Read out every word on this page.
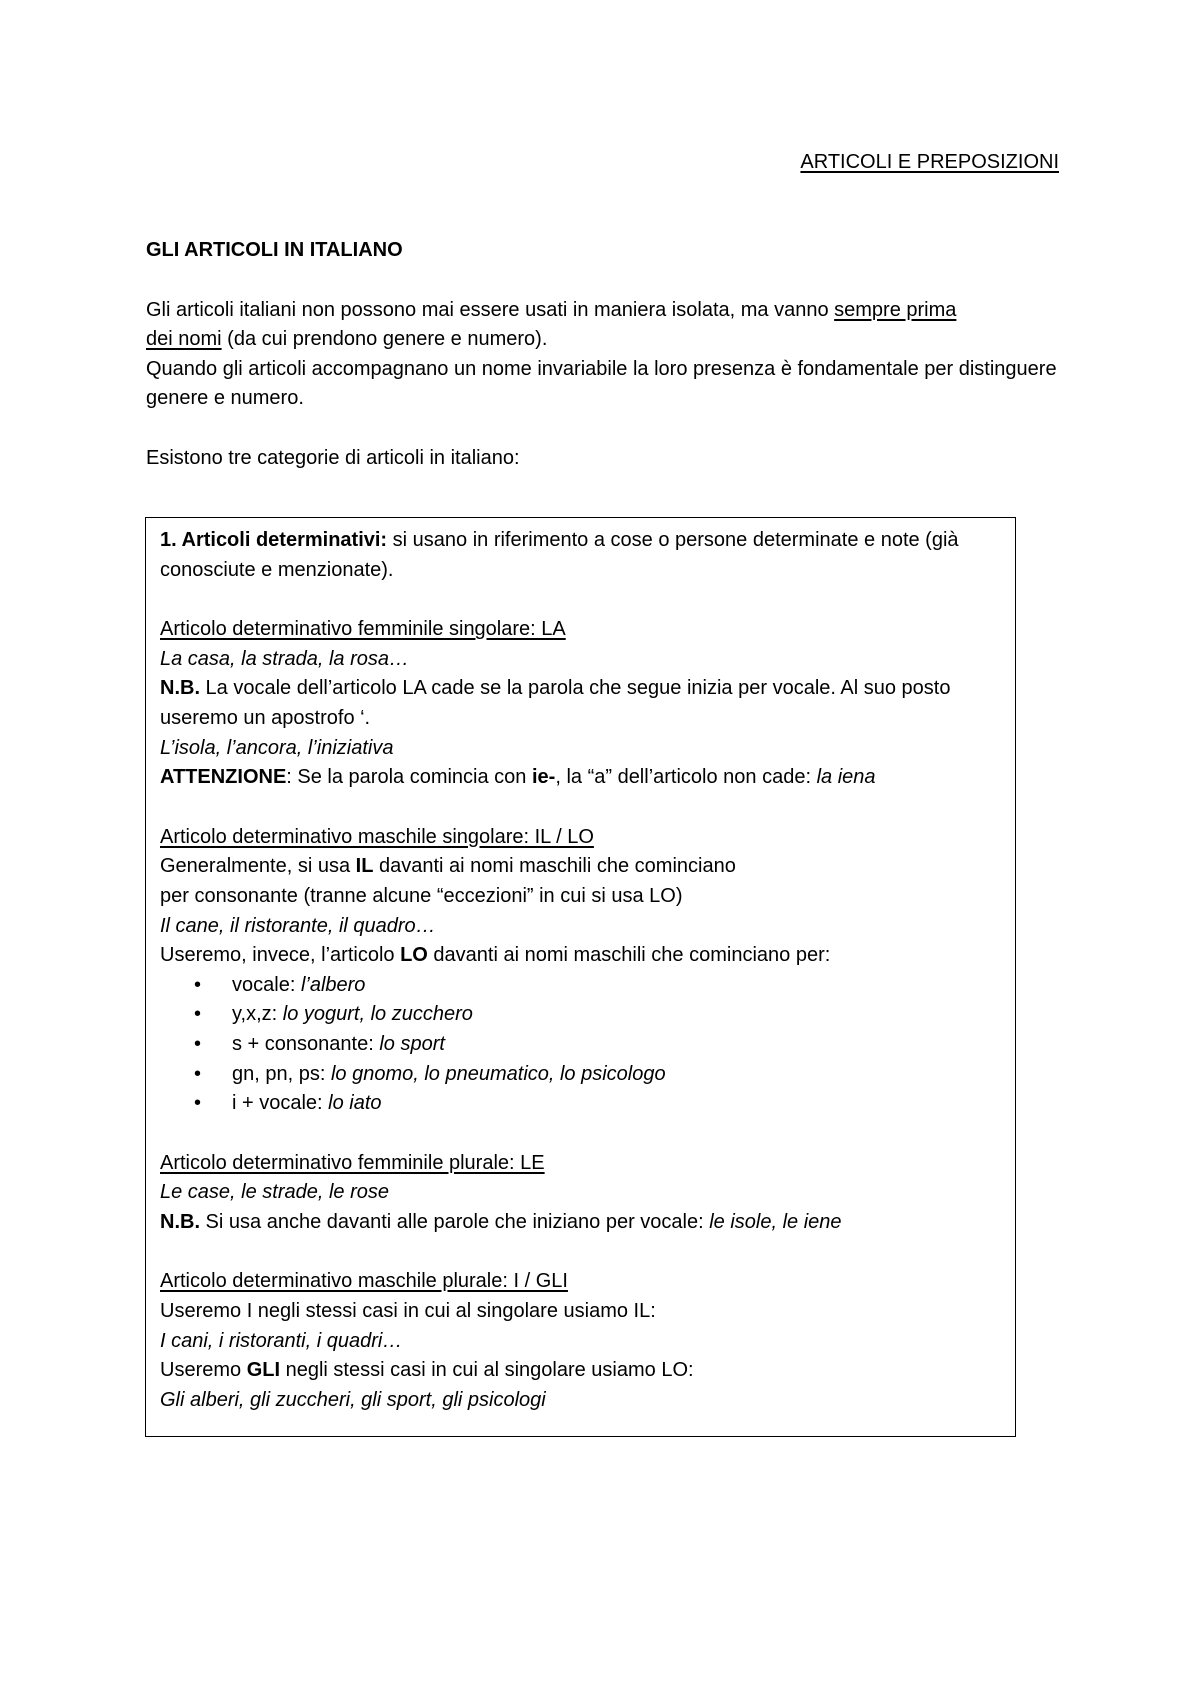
ARTICOLI E PREPOSIZIONI

GLI ARTICOLI IN ITALIANO

Gli articoli italiani non possono mai essere usati in maniera isolata, ma vanno sempre prima
dei nomi (da cui prendono genere e numero).

Quando gli articoli accompagnano un nome invariabile la loro presenza è fondamentale per distinguere genere e numero.

Esistono tre categorie di articoli in italiano:

1. Articoli determinativi: si usano in riferimento a cose o persone determinate e note (già conosciute e menzionate).

Articolo determinativo femminile singolare: LA

La casa, la strada, la rosa…

N.B. La vocale dell’articolo LA cade se la parola che segue inizia per vocale. Al suo posto useremo un apostrofo ‘.

L’isola, l’ancora, l’iniziativa

ATTENZIONE: Se la parola comincia con ie-, la “a” dell’articolo non cade: la iena

Articolo determinativo maschile singolare: IL / LO

Generalmente, si usa IL davanti ai nomi maschili che cominciano

per consonante (tranne alcune “eccezioni” in cui si usa LO)

Il cane, il ristorante, il quadro…

Useremo, invece, l’articolo LO davanti ai nomi maschili che cominciano per:

• vocale: l’albero
• y,x,z: lo yogurt, lo zucchero
• s + consonante: lo sport
• gn, pn, ps: lo gnomo, lo pneumatico, lo psicologo
• i + vocale: lo iato

Articolo determinativo femminile plurale: LE

Le case, le strade, le rose

N.B. Si usa anche davanti alle parole che iniziano per vocale: le isole, le iene

Articolo determinativo maschile plurale: I / GLI

Useremo I negli stessi casi in cui al singolare usiamo IL:

I cani, i ristoranti, i quadri…

Useremo GLI negli stessi casi in cui al singolare usiamo LO:

Gli alberi, gli zuccheri, gli sport, gli psicologi
